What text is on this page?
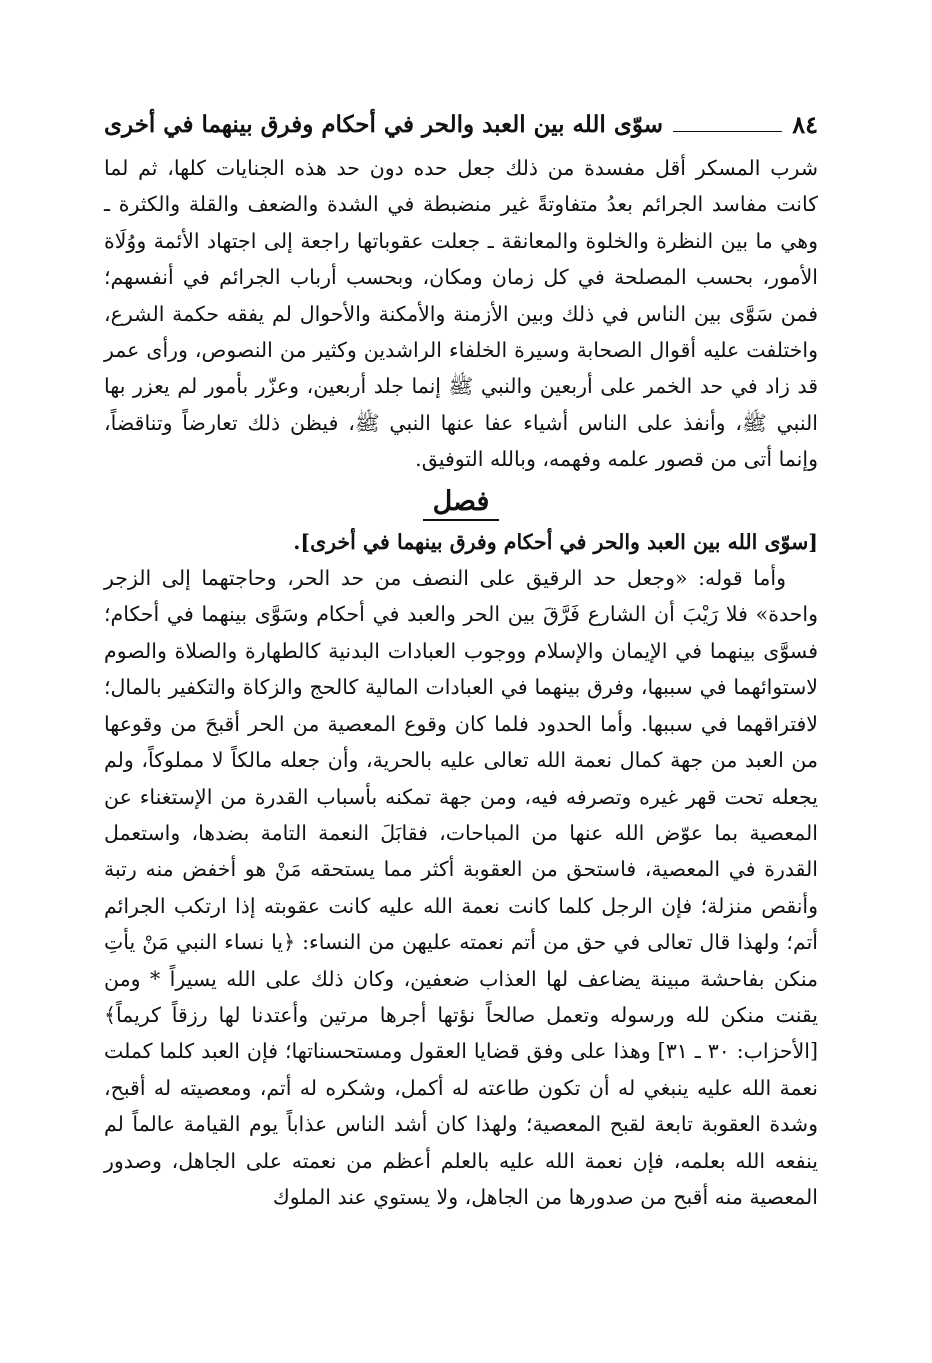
٨٤
سوّى الله بين العبد والحر في أحكام وفرق بينهما في أخرى

شرب المسكر أقل مفسدة من ذلك جعل حده دون حد هذه الجنايات كلها، ثم لما كانت مفاسد الجرائم بعدُ متفاوتةً غير منضبطة في الشدة والضعف والقلة والكثرة ـ وهي ما بين النظرة والخلوة والمعانقة ـ جعلت عقوباتها راجعة إلى اجتهاد الأئمة ووُلَاة الأمور، بحسب المصلحة في كل زمان ومكان، وبحسب أرباب الجرائم في أنفسهم؛ فمن سَوَّى بين الناس في ذلك وبين الأزمنة والأمكنة والأحوال لم يفقه حكمة الشرع، واختلفت عليه أقوال الصحابة وسيرة الخلفاء الراشدين وكثير من النصوص، ورأى عمر قد زاد في حد الخمر على أربعين والنبي ﷺ إنما جلد أربعين، وعزّر بأمور لم يعزر بها النبي ﷺ، وأنفذ على الناس أشياء عفا عنها النبي ﷺ، فيظن ذلك تعارضاً وتناقضاً، وإنما أتى من قصور علمه وفهمه، وبالله التوفيق.

فصل

[سوّى الله بين العبد والحر في أحكام وفرق بينهما في أخرى].

وأما قوله: «وجعل حد الرقيق على النصف من حد الحر، وحاجتهما إلى الزجر واحدة» فلا رَيْبَ أن الشارع فَرَّقَ بين الحر والعبد في أحكام وسَوَّى بينهما في أحكام؛ فسوَّى بينهما في الإيمان والإسلام ووجوب العبادات البدنية كالطهارة والصلاة والصوم لاستوائهما في سببها، وفرق بينهما في العبادات المالية كالحج والزكاة والتكفير بالمال؛ لافتراقهما في سببها. وأما الحدود فلما كان وقوع المعصية من الحر أقبحَ من وقوعها من العبد من جهة كمال نعمة الله تعالى عليه بالحرية، وأن جعله مالكاً لا مملوكاً، ولم يجعله تحت قهر غيره وتصرفه فيه، ومن جهة تمكنه بأسباب القدرة من الإستغناء عن المعصية بما عوّض الله عنها من المباحات، فقابَلَ النعمة التامة بضدها، واستعمل القدرة في المعصية، فاستحق من العقوبة أكثر مما يستحقه مَنْ هو أخفض منه رتبة وأنقص منزلة؛ فإن الرجل كلما كانت نعمة الله عليه كانت عقوبته إذا ارتكب الجرائم أتم؛ ولهذا قال تعالى في حق من أتم نعمته عليهن من النساء: ﴿يا نساء النبي مَنْ يأتِ منكن بفاحشة مبينة يضاعف لها العذاب ضعفين، وكان ذلك على الله يسيراً * ومن يقنت منكن لله ورسوله وتعمل صالحاً نؤتها أجرها مرتين وأعتدنا لها رزقاً كريماً﴾ [الأحزاب: ٣٠ ـ ٣١] وهذا على وفق قضايا العقول ومستحسناتها؛ فإن العبد كلما كملت نعمة الله عليه ينبغي له أن تكون طاعته له أكمل، وشكره له أتم، ومعصيته له أقبح، وشدة العقوبة تابعة لقبح المعصية؛ ولهذا كان أشد الناس عذاباً يوم القيامة عالماً لم ينفعه الله بعلمه، فإن نعمة الله عليه بالعلم أعظم من نعمته على الجاهل، وصدور المعصية منه أقبح من صدورها من الجاهل، ولا يستوي عند الملوك
